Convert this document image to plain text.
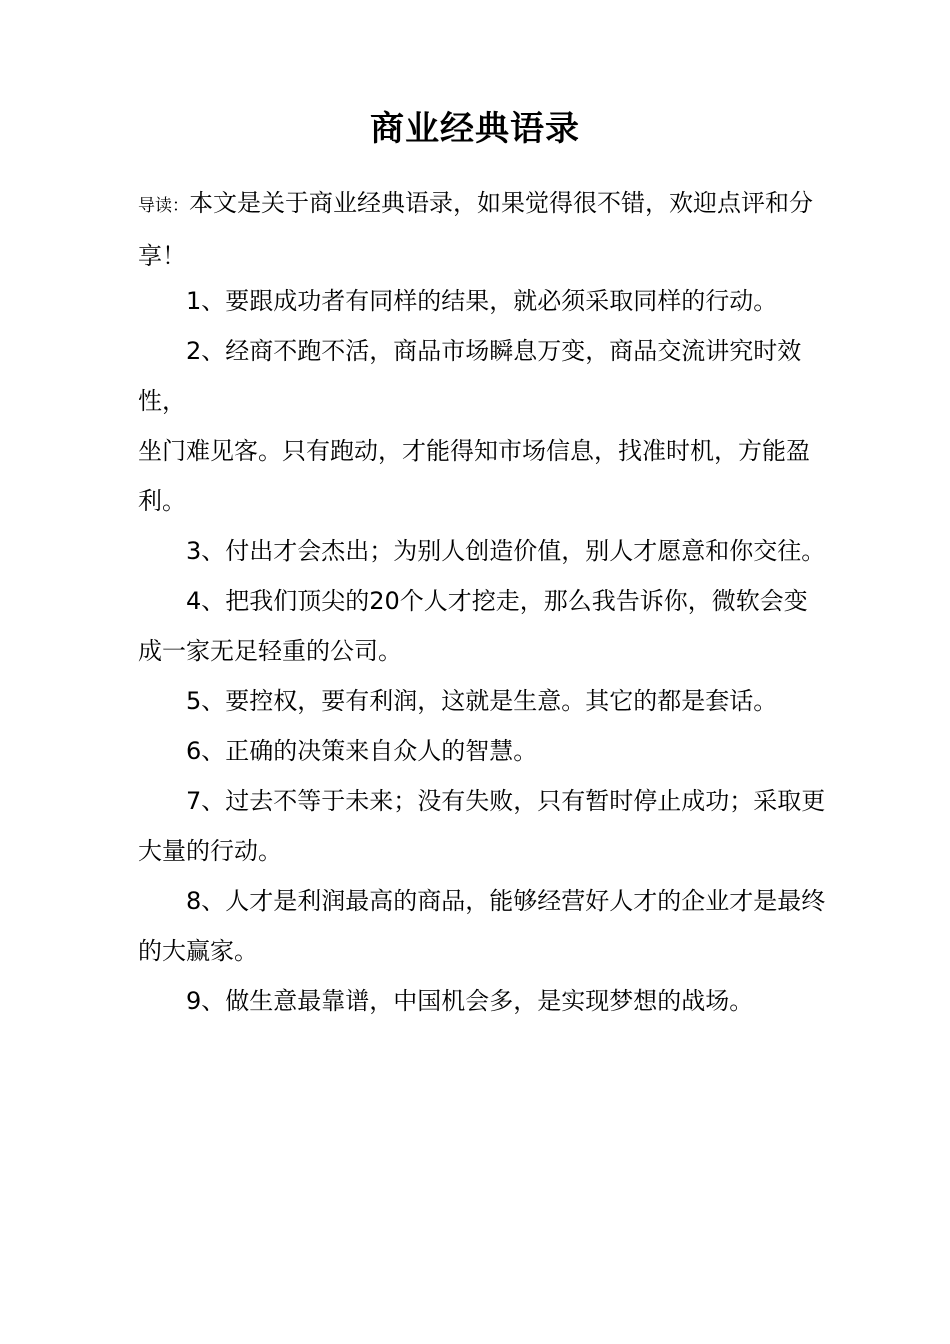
商业经典语录
导读：本文是关于商业经典语录，如果觉得很不错，欢迎点评和分享！

1、要跟成功者有同样的结果，就必须采取同样的行动。

2、经商不跑不活，商品市场瞬息万变，商品交流讲究时效性，

坐门难见客。只有跑动，才能得知市场信息，找准时机，方能盈利。

3、付出才会杰出；为别人创造价值，别人才愿意和你交往。

4、把我们顶尖的20个人才挖走，那么我告诉你，微软会变成一家无足轻重的公司。

5、要控权，要有利润，这就是生意。其它的都是套话。

6、正确的决策来自众人的智慧。

7、过去不等于未来；没有失败，只有暂时停止成功；采取更大量的行动。

8、人才是利润最高的商品，能够经营好人才的企业才是最终的大赢家。

9、做生意最靠谱，中国机会多，是实现梦想的战场。
